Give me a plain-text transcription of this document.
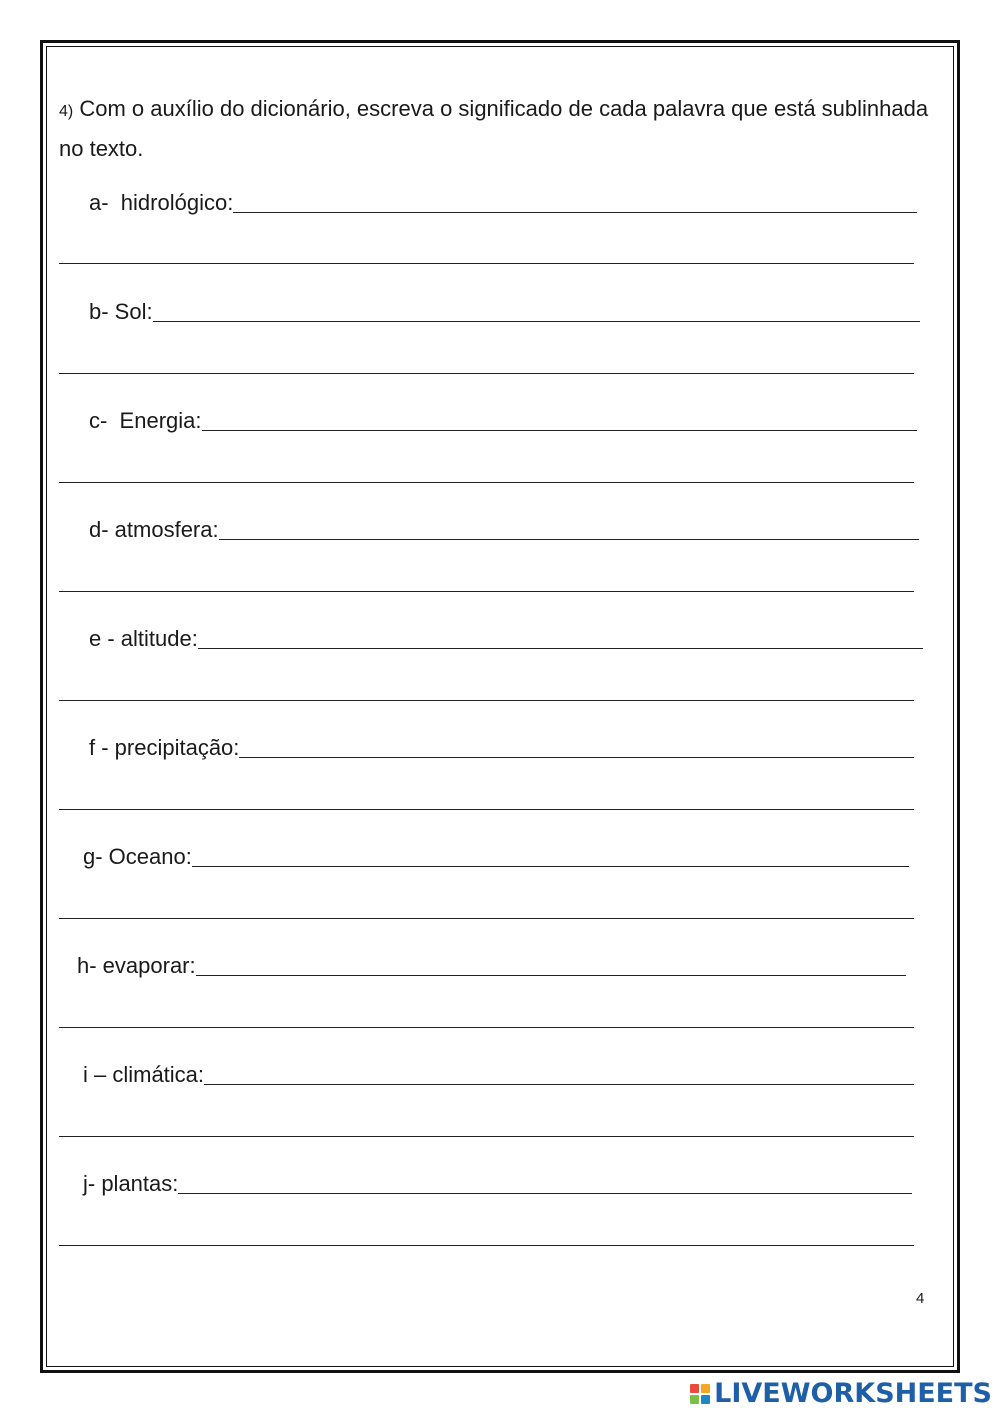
4) Com o auxílio do dicionário, escreva o significado de cada palavra que está sublinhada no texto.
a-  hidrológico:
b- Sol:
c-  Energia:
d- atmosfera:
e - altitude:
f - precipitação:
g- Oceano:
h- evaporar:
i – climática:
j- plantas:
4
LIVEWORKSHEETS
